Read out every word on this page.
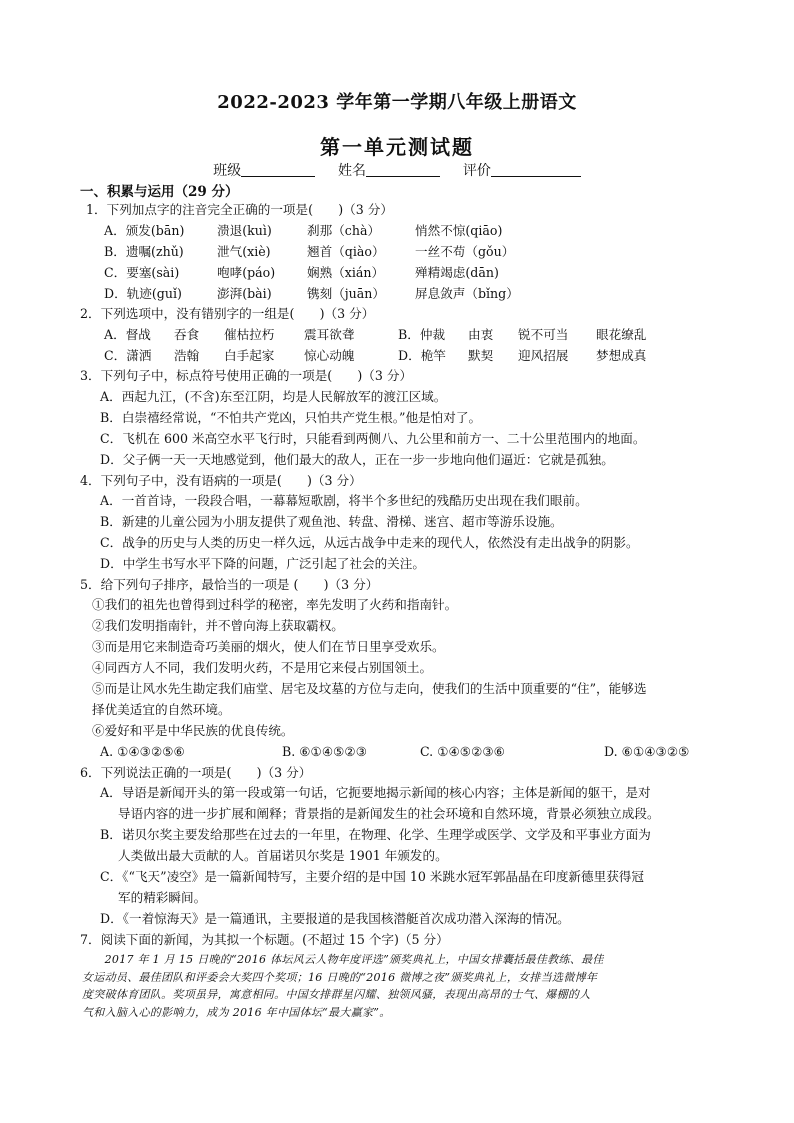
2022-2023 学年第一学期八年级上册语文
第一单元测试题
班级	姓名	评价
一、积累与运用（29 分）
1．下列加点字的注音完全正确的一项是(　　)（3 分）
A．颁发(bān)	溃退(kuì)	刹那（chà）	悄然不惊(qiāo)
B．遗嘱(zhǔ)	泄气(xiè)	翘首（qiào） 一丝不苟（gǒu）
C．要塞(sài)	咆哮(páo)	娴熟（xián） 殚精竭虑(dān)
D．轨迹(guǐ)	澎湃(bài)	镌刻（juān） 屏息敛声（bǐng）
2．下列选项中，没有错别字的一组是(　　)（3 分）
A．督战 吞食 催枯拉朽 震耳欲聋	B．仲裁 由衷 锐不可当 眼花缭乱
C．潇洒 浩翰 白手起家 惊心动魄	D．桅竿 默契 迎风招展 梦想成真
3．下列句子中，标点符号使用正确的一项是(　　)（3 分）
A．西起九江，(不含)东至江阴，均是人民解放军的渡江区域。
B．白崇禧经常说，“不怕共产党凶，只怕共产党生根。”他是怕对了。
C．飞机在 600 米高空水平飞行时，只能看到两侧八、九公里和前方一、二十公里范围内的地面。
D．父子俩一天一天地感觉到，他们最大的敌人，正在一步一步地向他们逼近：它就是孤独。
4．下列句子中，没有语病的一项是(　　)（3 分）
A．一首首诗，一段段合唱，一幕幕短歌剧，将半个多世纪的残酷历史出现在我们眼前。
B．新建的儿童公园为小朋友提供了观鱼池、转盘、滑梯、迷宫、超市等游乐设施。
C．战争的历史与人类的历史一样久远，从远古战争中走来的现代人，依然没有走出战争的阴影。
D．中学生书写水平下降的问题，广泛引起了社会的关注。
5．给下列句子排序，最恰当的一项是 (　　)（3 分）
①我们的祖先也曾得到过科学的秘密，率先发明了火药和指南针。
②我们发明指南针，并不曾向海上获取霸权。
③而是用它来制造奇巧美丽的烟火，使人们在节日里享受欢乐。
④同西方人不同，我们发明火药，不是用它来侵占别国领土。
⑤而是让风水先生勘定我们庙堂、居宅及坟墓的方位与走向，使我们的生活中顶重要的“住”，能够选
择优美适宜的自然环境。
⑥爱好和平是中华民族的优良传统。
A. ①④③②⑤⑥	B. ⑥①④⑤②③	C. ①④⑤②③⑥	D. ⑥①④③②⑤
6．下列说法正确的一项是(　　)（3 分）
A．导语是新闻开头的第一段或第一句话，它扼要地揭示新闻的核心内容；主体是新闻的躯干，是对
导语内容的进一步扩展和阐释；背景指的是新闻发生的社会环境和自然环境，背景必须独立成段。
B．诺贝尔奖主要发给那些在过去的一年里，在物理、化学、生理学或医学、文学及和平事业方面为
人类做出最大贡献的人。首届诺贝尔奖是 1901 年颁发的。
C．《“飞天”凌空》是一篇新闻特写，主要介绍的是中国 10 米跳水冠军郭晶晶在印度新德里获得冠
军的精彩瞬间。
D．《一着惊海天》是一篇通讯，主要报道的是我国核潜艇首次成功潜入深海的情况。
7．阅读下面的新闻，为其拟一个标题。(不超过 15 个字)（5 分）
　　2017 年 1 月 15 日晚的“2016 体坛风云人物年度评选”颁奖典礼上，中国女排囊括最佳教练、最佳
女运动员、最佳团队和评委会大奖四个奖项；16 日晚的“2016 微博之夜”颁奖典礼上，女排当选微博年
度突破体育团队。奖项虽异，寓意相同。中国女排群星闪耀、独领风骚，表现出高昂的士气、爆棚的人
气和入脑入心的影响力，成为 2016 年中国体坛“最大赢家”。
